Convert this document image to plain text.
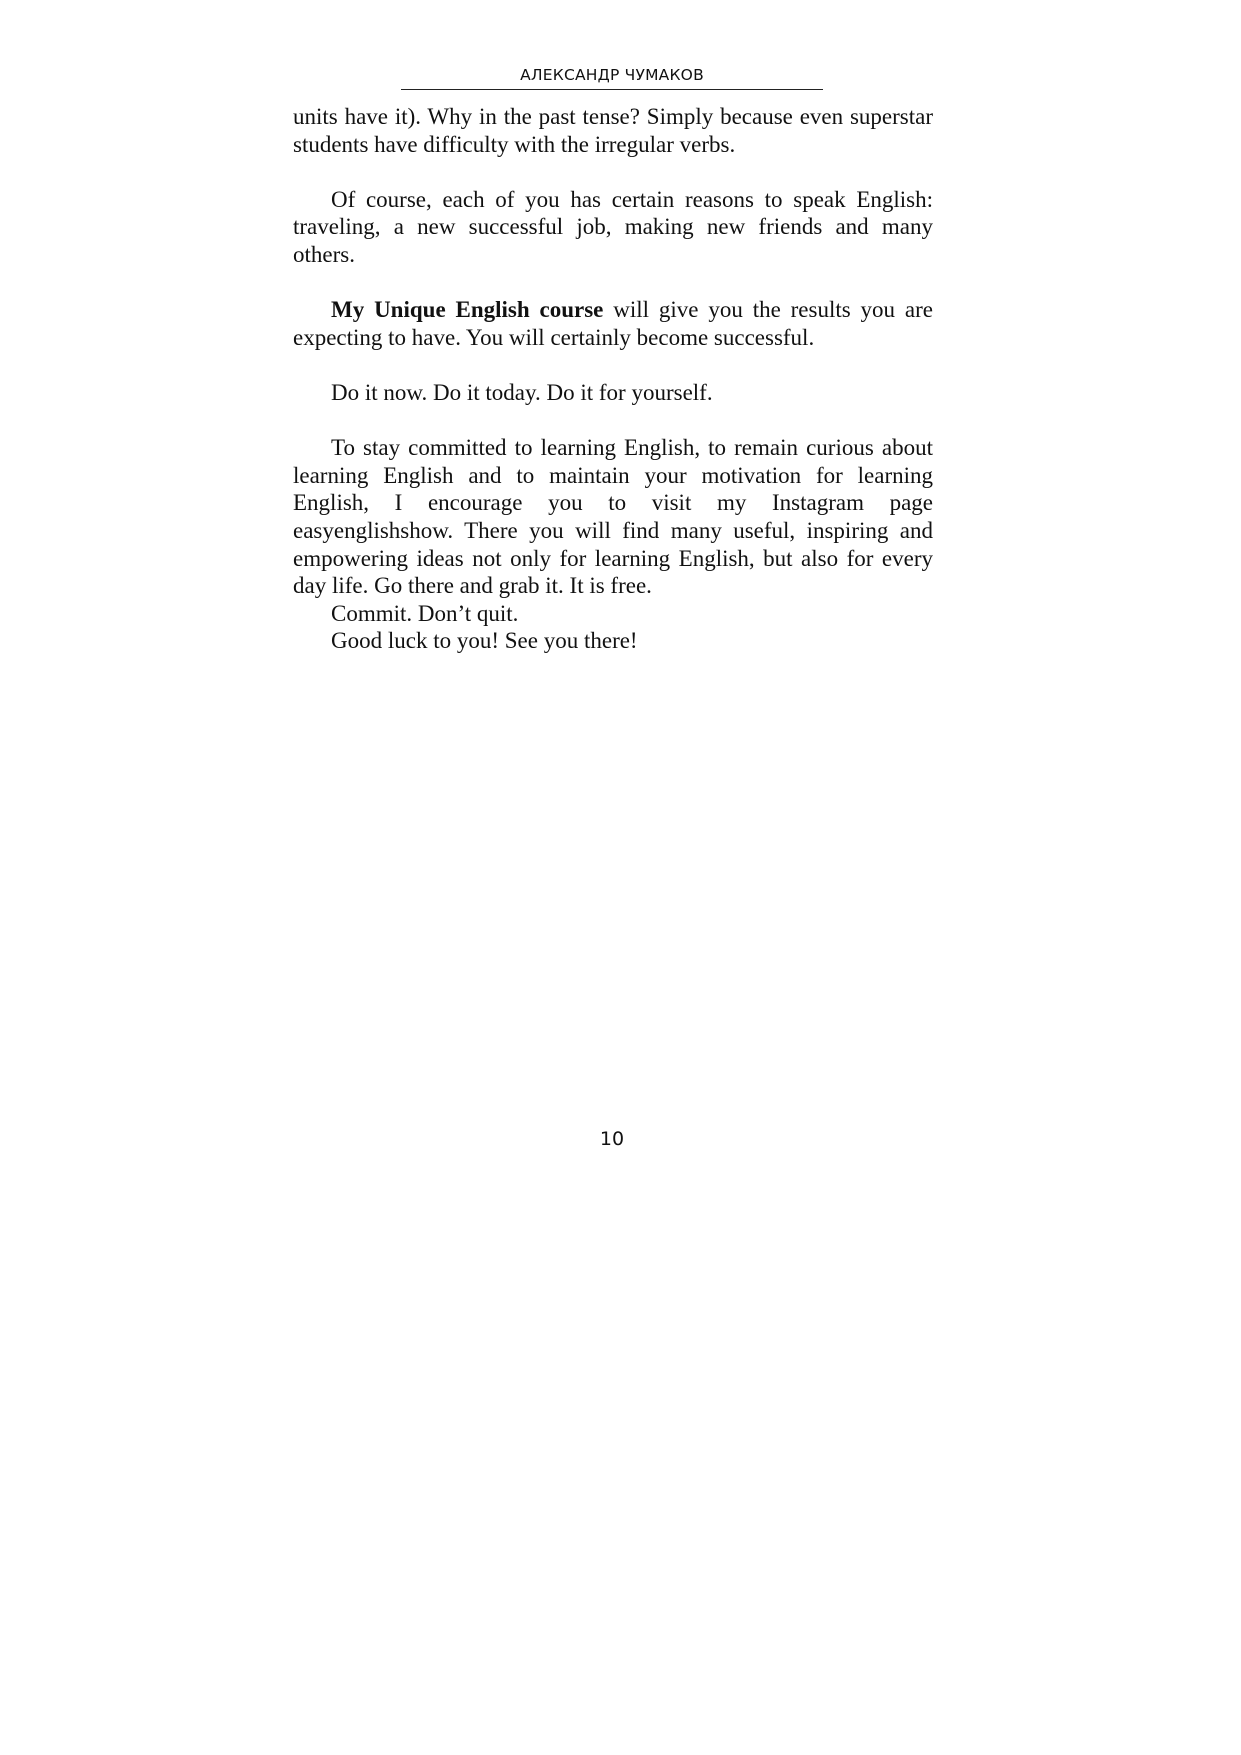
АЛЕКСАНДР ЧУМАКОВ

units have it). Why in the past tense? Simply because even superstar students have difficulty with the irregular verbs.

Of course, each of you has certain reasons to speak English: traveling, a new successful job, making new friends and many others.

My Unique English course will give you the results you are expecting to have. You will certainly become successful.

Do it now. Do it today. Do it for yourself.

To stay committed to learning English, to remain curious about learning English and to maintain your motivation for learning English, I encourage you to visit my Instagram page easyenglishshow. There you will find many useful, inspiring and empowering ideas not only for learning English, but also for every day life. Go there and grab it. It is free.

Commit. Don’t quit.

Good luck to you! See you there!

10
